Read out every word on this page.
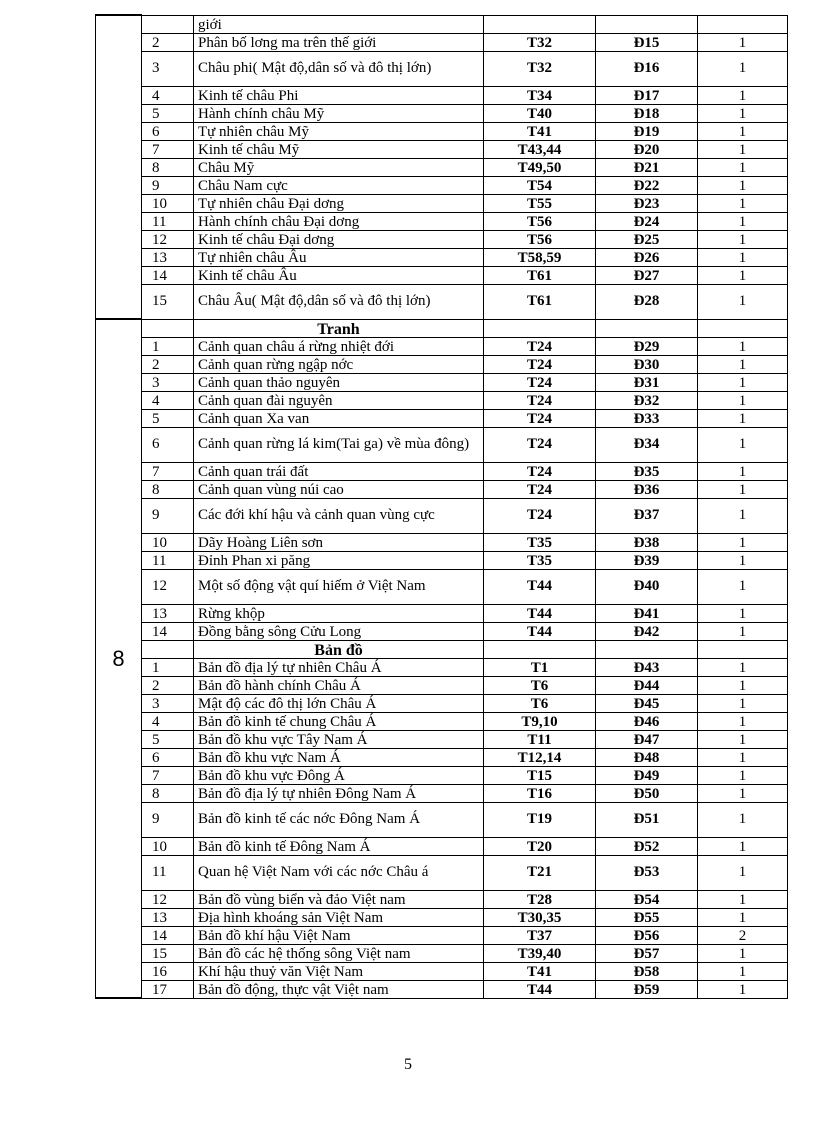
		giới			
	2	Phân bố lơng ma trên thế giới	T32	Đ15	1
	3	Châu phi( Mật độ,dân số và đô thị lớn)	T32	Đ16	1
	4	Kinh tế châu Phi	T34	Đ17	1
	5	Hành chính châu Mỹ	T40	Đ18	1
	6	Tự nhiên châu Mỹ	T41	Đ19	1
	7	Kinh tế châu Mỹ	T43,44	Đ20	1
	8	Châu Mỹ	T49,50	Đ21	1
	9	Châu Nam cực	T54	Đ22	1
	10	Tự nhiên châu Đại dơng	T55	Đ23	1
	11	Hành chính châu Đại dơng	T56	Đ24	1
	12	Kinh tế châu Đại dơng	T56	Đ25	1
	13	Tự nhiên châu Âu	T58,59	Đ26	1
	14	Kinh tế châu Âu	T61	Đ27	1
	15	Châu Âu( Mật độ,dân số và đô thị lớn)	T61	Đ28	1
8		Tranh			
	1	Cảnh quan châu á rừng nhiệt đới	T24	Đ29	1
	2	Cảnh quan rừng ngập nớc	T24	Đ30	1
	3	Cảnh quan thảo nguyên	T24	Đ31	1
	4	Cảnh quan đài nguyên	T24	Đ32	1
	5	Cảnh quan Xa van	T24	Đ33	1
	6	Cảnh quan rừng lá kim(Tai ga) về mùa đông)	T24	Đ34	1
	7	Cảnh quan trái đất	T24	Đ35	1
	8	Cảnh quan vùng núi cao	T24	Đ36	1
	9	Các đới khí hậu và cảnh quan vùng cực	T24	Đ37	1
	10	Dãy Hoàng Liên sơn	T35	Đ38	1
	11	Đỉnh Phan xi păng	T35	Đ39	1
	12	Một số động vật quí hiếm ở Việt Nam	T44	Đ40	1
	13	Rừng khộp	T44	Đ41	1
	14	Đồng bằng sông Cửu Long	T44	Đ42	1
		Bản đồ			
	1	Bản đồ địa lý tự nhiên Châu Á	T1	Đ43	1
	2	Bản đồ hành chính Châu Á	T6	Đ44	1
	3	Mật độ các đô thị lớn Châu Á	T6	Đ45	1
	4	Bản đồ kinh tế chung Châu Á	T9,10	Đ46	1
	5	Bản đồ khu vực Tây Nam Á	T11	Đ47	1
	6	Bản đồ khu vực Nam Á	T12,14	Đ48	1
	7	Bản đồ khu vực Đông Á	T15	Đ49	1
	8	Bản đồ địa lý tự nhiên Đông Nam Á	T16	Đ50	1
	9	Bản đồ kinh tế các nớc Đông Nam Á	T19	Đ51	1
	10	Bản đồ kinh tế Đông Nam Á	T20	Đ52	1
	11	Quan hệ Việt Nam với các nớc Châu á	T21	Đ53	1
	12	Bản đồ vùng biển và đảo Việt nam	T28	Đ54	1
	13	Địa hình khoáng sản Việt Nam	T30,35	Đ55	1
	14	Bản đồ khí hậu Việt Nam	T37	Đ56	2
	15	Bản đồ các hệ thống sông Việt nam	T39,40	Đ57	1
	16	Khí hậu thuỷ văn Việt Nam	T41	Đ58	1
	17	Bản đồ động, thực vật Việt nam	T44	Đ59	1
5
